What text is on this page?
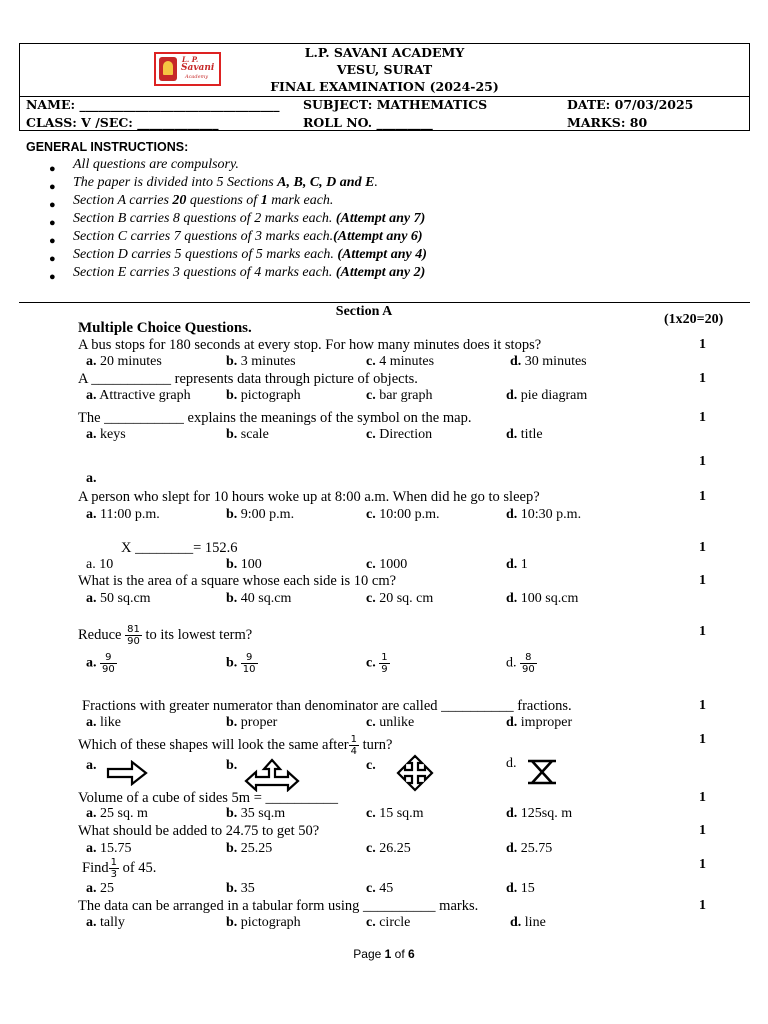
L. P.
Savani
Academy
L.P. SAVANI ACADEMY
VESU, SURAT
FINAL EXAMINATION (2024-25)
NAME: ________________________________ SUBJECT: MATHEMATICS	DATE: 07/03/2025
CLASS: V /SEC: _____________	ROLL NO. _________	MARKS: 80
GENERAL INSTRUCTIONS:
● All questions are compulsory.
● The paper is divided into 5 Sections A, B, C, D and E.
● Section A carries 20 questions of 1 mark each.
● Section B carries 8 questions of 2 marks each. (Attempt any 7)
● Section C carries 7 questions of 3 marks each.(Attempt any 6)
● Section D carries 5 questions of 5 marks each. (Attempt any 4)
● Section E carries 3 questions of 4 marks each. (Attempt any 2)
Section A
(1x20=20)
Multiple Choice Questions.
A bus stops for 180 seconds at every stop. For how many minutes does it stops?	1
a. 20 minutes	b. 3 minutes	c. 4 minutes	d. 30 minutes
A ___________ represents data through picture of objects.	1
a. Attractive graph	b. pictograph	c. bar graph	d. pie diagram
The ___________ explains the meanings of the symbol on the map.	1
a. keys	b. scale	c. Direction	d. title
1
a.
A person who slept for 10 hours woke up at 8:00 a.m. When did he go to sleep?	1
a. 11:00 p.m.	b. 9:00 p.m.	c. 10:00 p.m.	d. 10:30 p.m.
X ________= 152.6	1
a. 10	b. 100	c. 1000	d. 1
What is the area of a square whose each side is 10 cm?	1
a. 50 sq.cm	b. 40 sq.cm	c. 20 sq. cm	d. 100 sq.cm
Reduce $\frac{81}{90}$ to its lowest term?	1
a. $\frac{9}{90}$	b. $\frac{9}{10}$	c. $\frac{1}{9}$	d. $\frac{8}{90}$
Fractions with greater numerator than denominator are called __________ fractions.	1
a. like	b. proper	c. unlike	d. improper
Which of these shapes will look the same after $\frac{1}{4}$ turn?	1
a.	b.	c.	d.
Volume of a cube of sides 5m = __________	1
a. 25 sq. m	b. 35 sq.m	c. 15 sq.m	d. 125sq. m
What should be added to 24.75 to get 50?	1
a. 15.75	b. 25.25	c. 26.25	d. 25.75
Find $\frac{1}{3}$ of 45.	1
a. 25	b. 35	c. 45	d. 15
The data can be arranged in a tabular form using __________ marks.	1
a. tally	b. pictograph	c. circle	d. line
Page 1 of 6
